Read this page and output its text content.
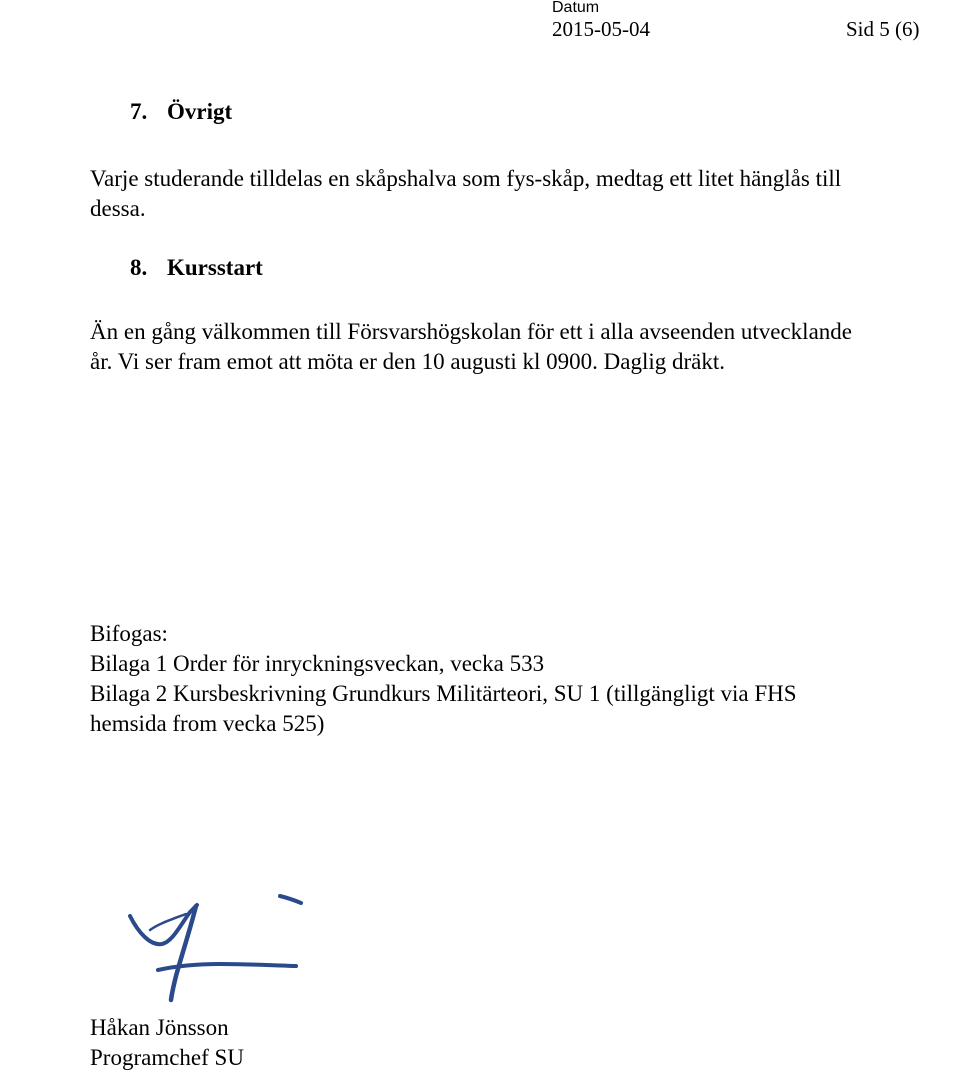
Datum
2015-05-04	Sid 5 (6)
7. Övrigt
Varje studerande tilldelas en skåpshalva som fys-skåp, medtag ett litet hänglås till
dessa.
8. Kursstart
Än en gång välkommen till Försvarshögskolan för ett i alla avseenden utvecklande
år. Vi ser fram emot att möta er den 10 augusti kl 0900. Daglig dräkt.
Bifogas:
Bilaga 1 Order för inryckningsveckan, vecka 533
Bilaga 2 Kursbeskrivning Grundkurs Militärteori, SU 1 (tillgängligt via FHS
hemsida from vecka 525)
Håkan Jönsson
Programchef SU
